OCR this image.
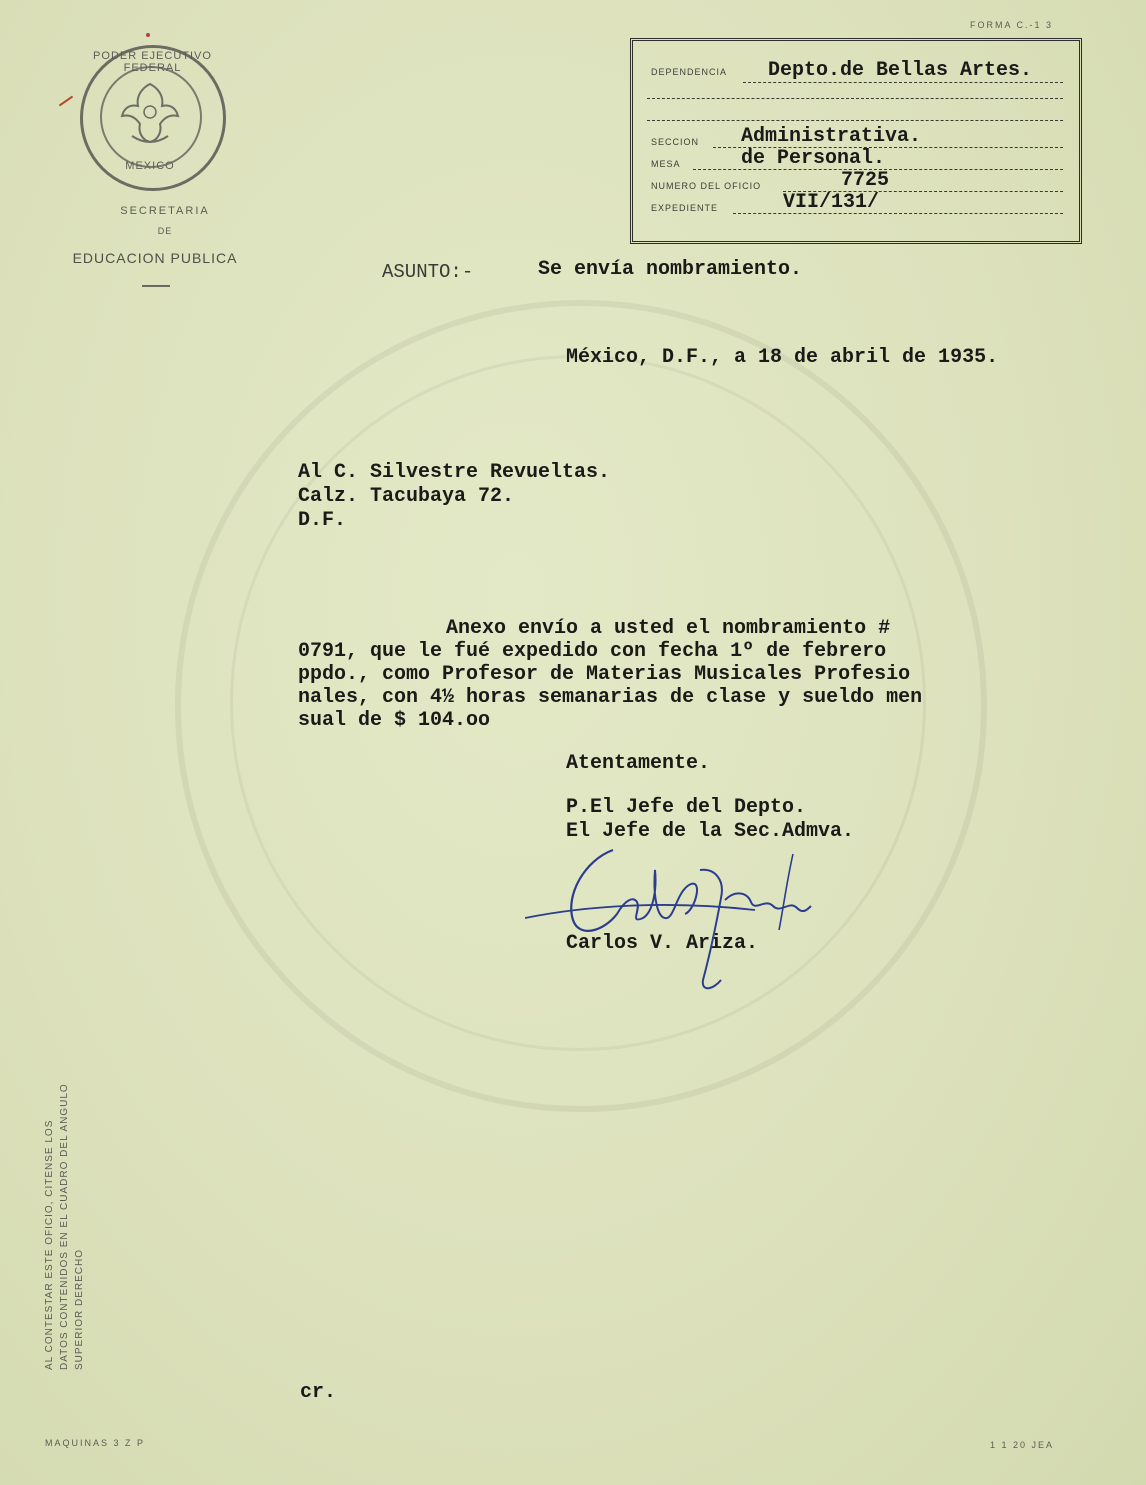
PODER EJECUTIVO FEDERAL
MEXICO
SECRETARIA
DE
EDUCACION PUBLICA
FORMA C.-1 3
DEPENDENCIA Depto.de Bellas Artes.
SECCION Administrativa.
MESA	de Personal.
NUMERO DEL OFICIO	7725
EXPEDIENTE	VII/131/
ASUNTO:-	Se envía nombramiento.
México, D.F., a 18 de abril de 1935.
Al C. Silvestre Revueltas.
Calz. Tacubaya 72.
D.F.
Anexo envío a usted el nombramiento #
0791, que le fué expedido con fecha 1º de febrero
ppdo., como Profesor de Materias Musicales Profesio
nales, con 4½ horas semanarias de clase y sueldo men
sual de $ 104.oo
Atentamente.
P.El Jefe del Depto.
El Jefe de la Sec.Admva.
Carlos V. Ariza.
AL CONTESTAR ESTE OFICIO, CITENSE LOS DATOS CONTENIDOS EN EL CUADRO DEL ANGULO SUPERIOR DERECHO
cr.
MAQUINAS 3 Z P	1 1 20 JEA
